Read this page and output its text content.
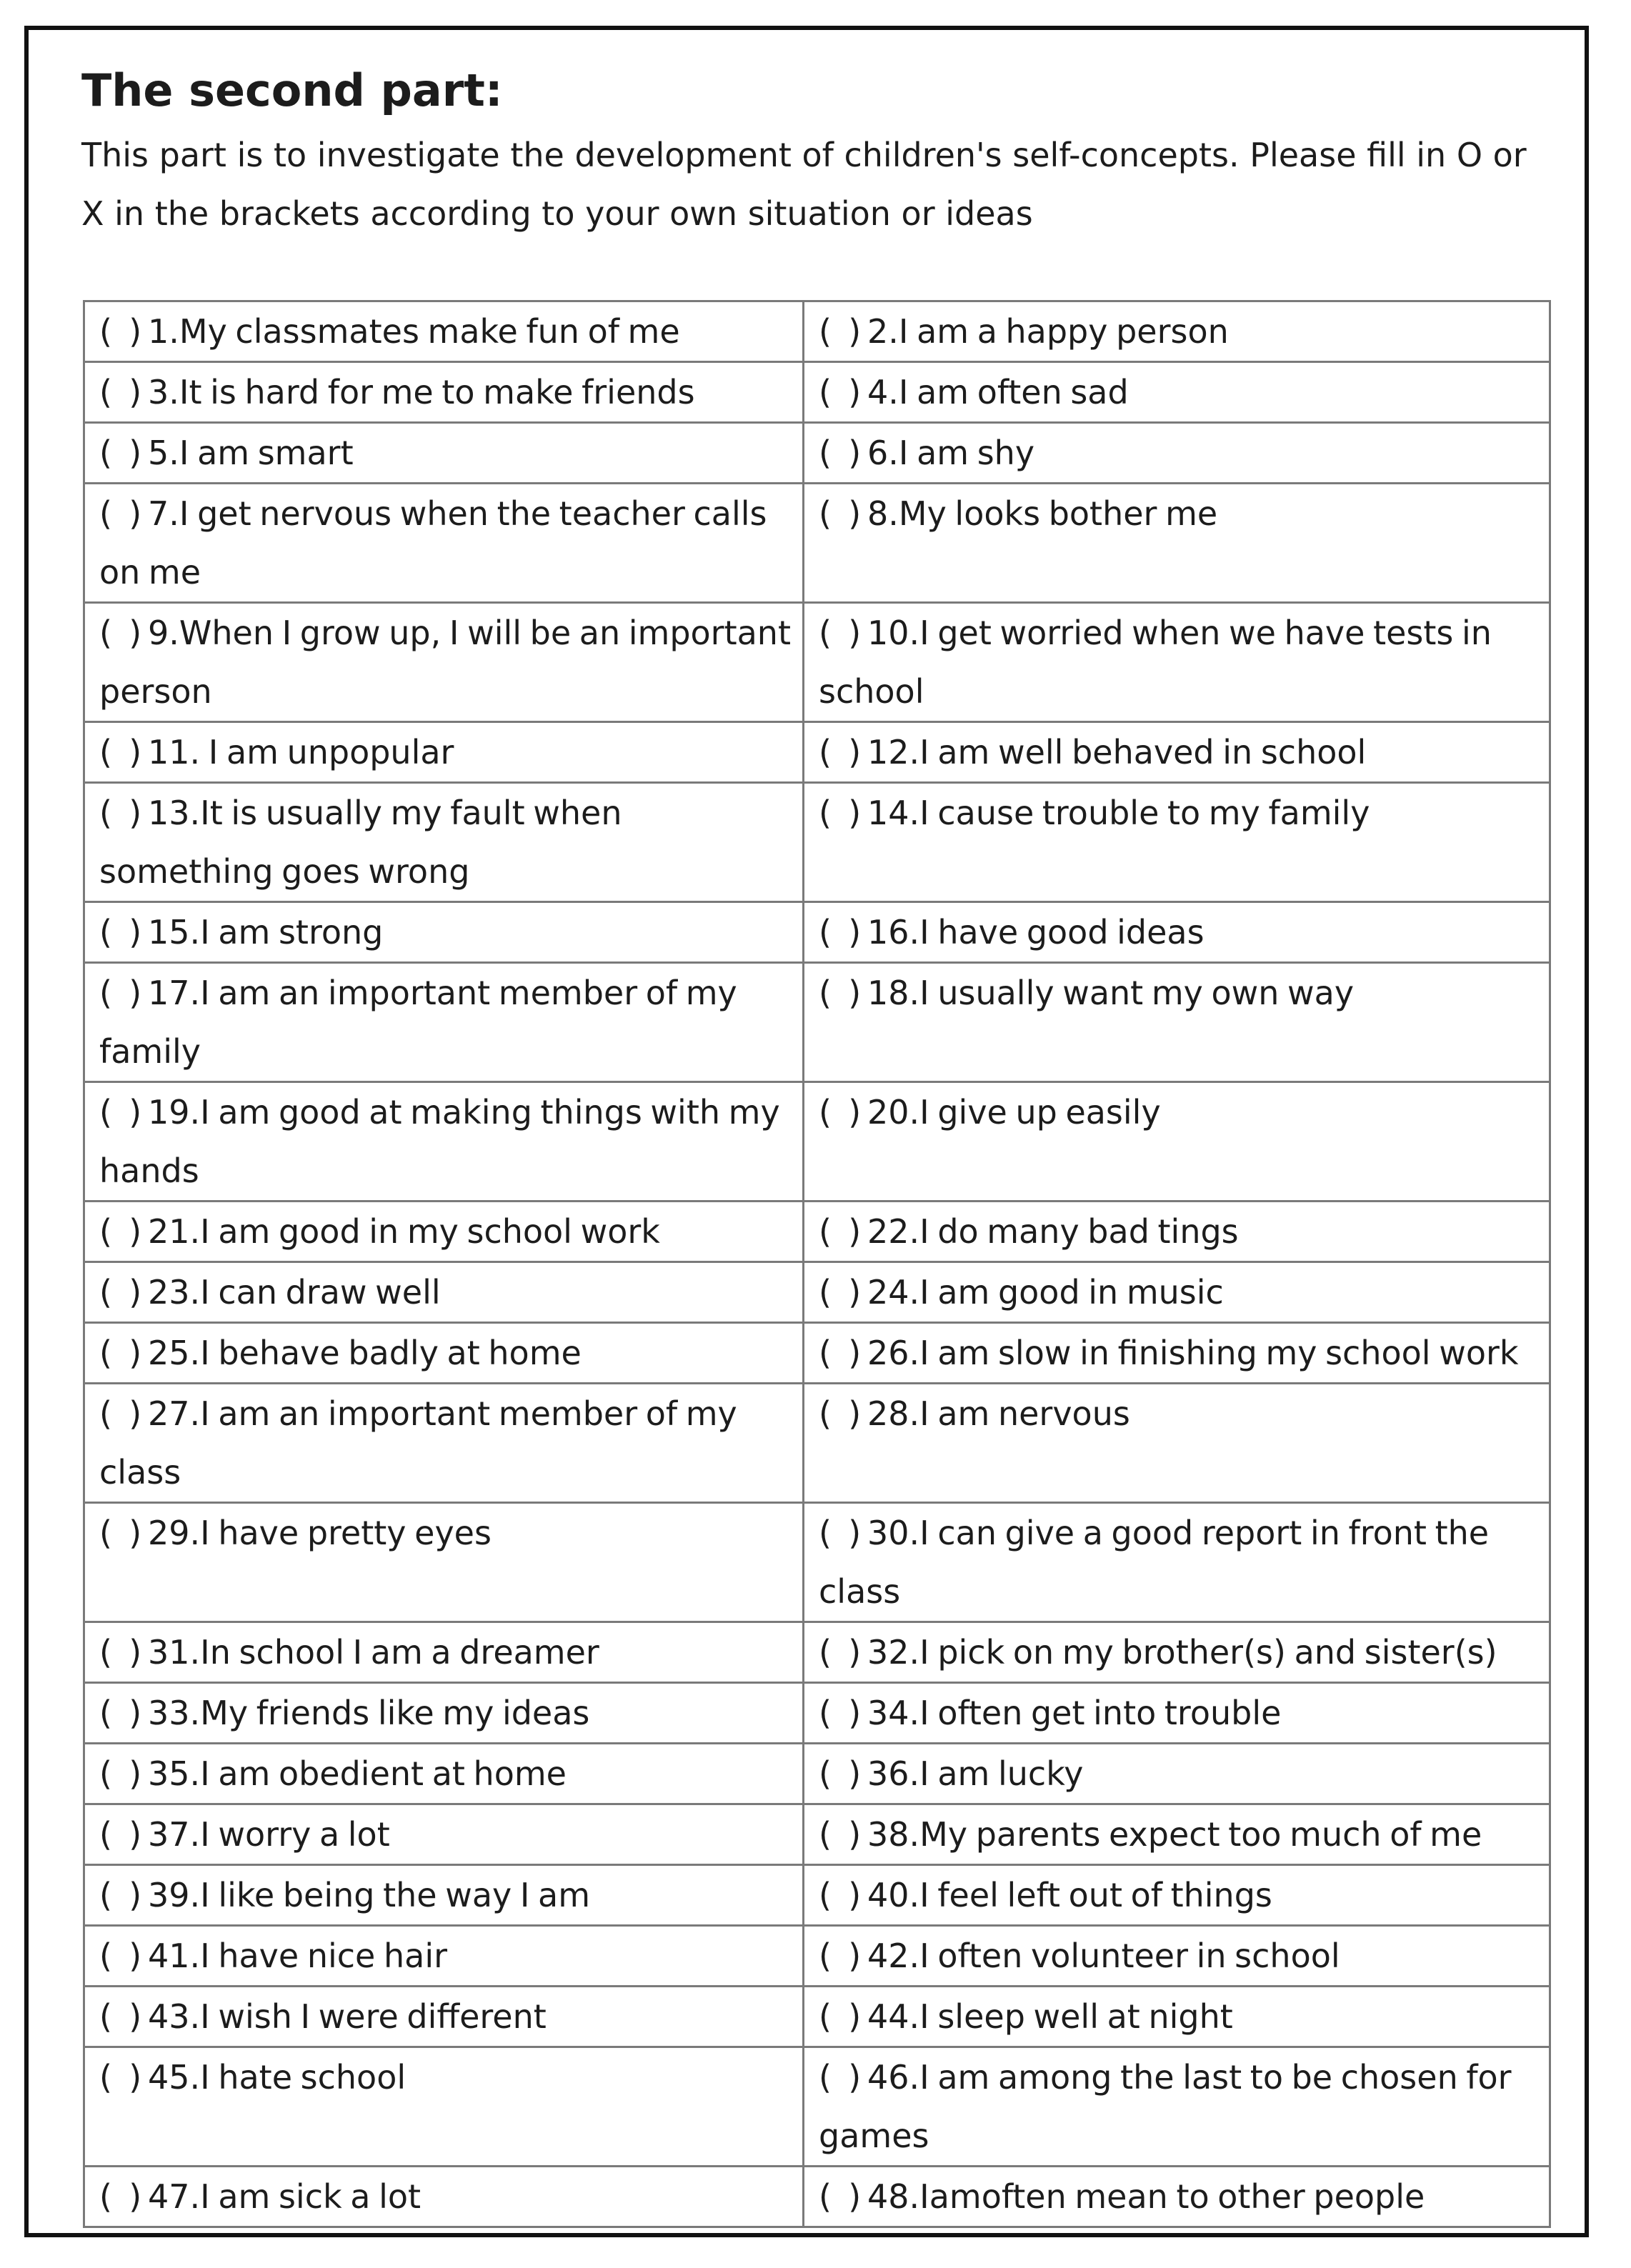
The second part:

This part is to investigate the development of children's self-concepts. Please fill in O or X in the brackets according to your own situation or ideas

(  ) 1.My classmates make fun of me	(  ) 2.I am a happy person
(  ) 3.It is hard for me to make friends	(  ) 4.I am often sad
(  ) 5.I am smart	(  ) 6.I am shy
(  ) 7.I get nervous when the teacher calls on me	(  ) 8.My looks bother me
(  ) 9.When I grow up, I will be an important person	(  ) 10.I get worried when we have tests in school
(  ) 11. I am unpopular	(  ) 12.I am well behaved in school
(  ) 13.It is usually my fault when something goes wrong	(  ) 14.I cause trouble to my family
(  ) 15.I am strong	(  ) 16.I have good ideas
(  ) 17.I am an important member of my family	(  ) 18.I usually want my own way
(  ) 19.I am good at making things with my hands	(  ) 20.I give up easily
(  ) 21.I am good in my school work	(  ) 22.I do many bad tings
(  ) 23.I can draw well	(  ) 24.I am good in music
(  ) 25.I behave badly at home	(  ) 26.I am slow in finishing my school work
(  ) 27.I am an important member of my class	(  ) 28.I am nervous
(  ) 29.I have pretty eyes	(  ) 30.I can give a good report in front the class
(  ) 31.In school I am a dreamer	(  ) 32.I pick on my brother(s) and sister(s)
(  ) 33.My friends like my ideas	(  ) 34.I often get into trouble
(  ) 35.I am obedient at home	(  ) 36.I am lucky
(  ) 37.I worry a lot	(  ) 38.My parents expect too much of me
(  ) 39.I like being the way I am	(  ) 40.I feel left out of things
(  ) 41.I have nice hair	(  ) 42.I often volunteer in school
(  ) 43.I wish I were different	(  ) 44.I sleep well at night
(  ) 45.I hate school	(  ) 46.I am among the last to be chosen for games
(  ) 47.I am sick a lot	(  ) 48.Iamoften mean to other people
